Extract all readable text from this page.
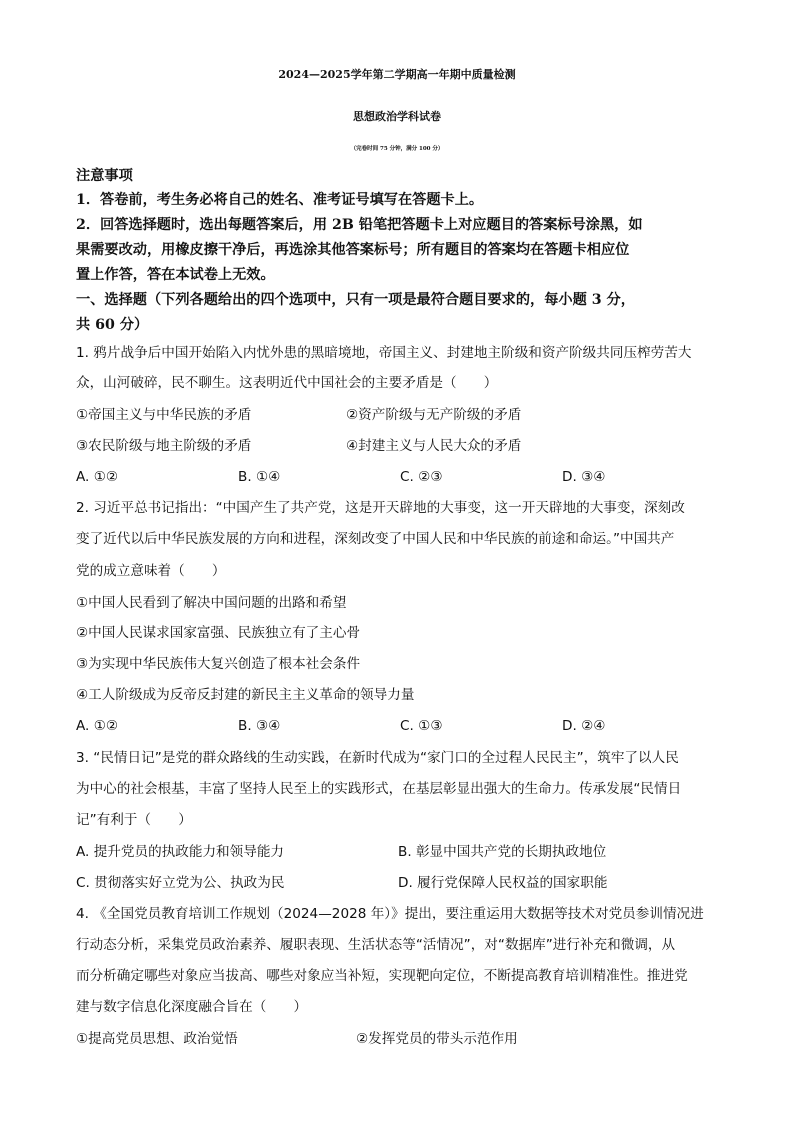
2024—2025学年第二学期高一年期中质量检测
思想政治学科试卷
（完卷时间 75 分钟，满分 100 分）
注意事项
1．答卷前，考生务必将自己的姓名、准考证号填写在答题卡上。
2．回答选择题时，选出每题答案后，用 2B 铅笔把答题卡上对应题目的答案标号涂黑，如
果需要改动，用橡皮擦干净后，再选涂其他答案标号；所有题目的答案均在答题卡相应位
置上作答，答在本试卷上无效。
一、选择题（下列各题给出的四个选项中，只有一项是最符合题目要求的，每小题 3 分，
共 60 分）
1. 鸦片战争后中国开始陷入内忧外患的黑暗境地，帝国主义、封建地主阶级和资产阶级共同压榨劳苦大
众，山河破碎，民不聊生。这表明近代中国社会的主要矛盾是（　　）
①帝国主义与中华民族的矛盾	②资产阶级与无产阶级的矛盾
③农民阶级与地主阶级的矛盾	④封建主义与人民大众的矛盾
A. ①②	B. ①④	C. ②③	D. ③④
2. 习近平总书记指出：“中国产生了共产党，这是开天辟地的大事变，这一开天辟地的大事变，深刻改
变了近代以后中华民族发展的方向和进程，深刻改变了中国人民和中华民族的前途和命运。”中国共产
党的成立意味着（　　）
①中国人民看到了解决中国问题的出路和希望
②中国人民谋求国家富强、民族独立有了主心骨
③为实现中华民族伟大复兴创造了根本社会条件
④工人阶级成为反帝反封建的新民主主义革命的领导力量
A. ①②	B. ③④	C. ①③	D. ②④
3. “民情日记”是党的群众路线的生动实践，在新时代成为“家门口的全过程人民民主”，筑牢了以人民
为中心的社会根基，丰富了坚持人民至上的实践形式，在基层彰显出强大的生命力。传承发展“民情日
记”有利于（　　）
A. 提升党员的执政能力和领导能力	B. 彰显中国共产党的长期执政地位
C. 贯彻落实好立党为公、执政为民	D. 履行党保障人民权益的国家职能
4. 《全国党员教育培训工作规划（2024—2028 年）》提出，要注重运用大数据等技术对党员参训情况进
行动态分析，采集党员政治素养、履职表现、生活状态等“活情况”，对“数据库”进行补充和微调，从
而分析确定哪些对象应当拔高、哪些对象应当补短，实现靶向定位，不断提高教育培训精准性。推进党
建与数字信息化深度融合旨在（　　）
①提高党员思想、政治觉悟	②发挥党员的带头示范作用
